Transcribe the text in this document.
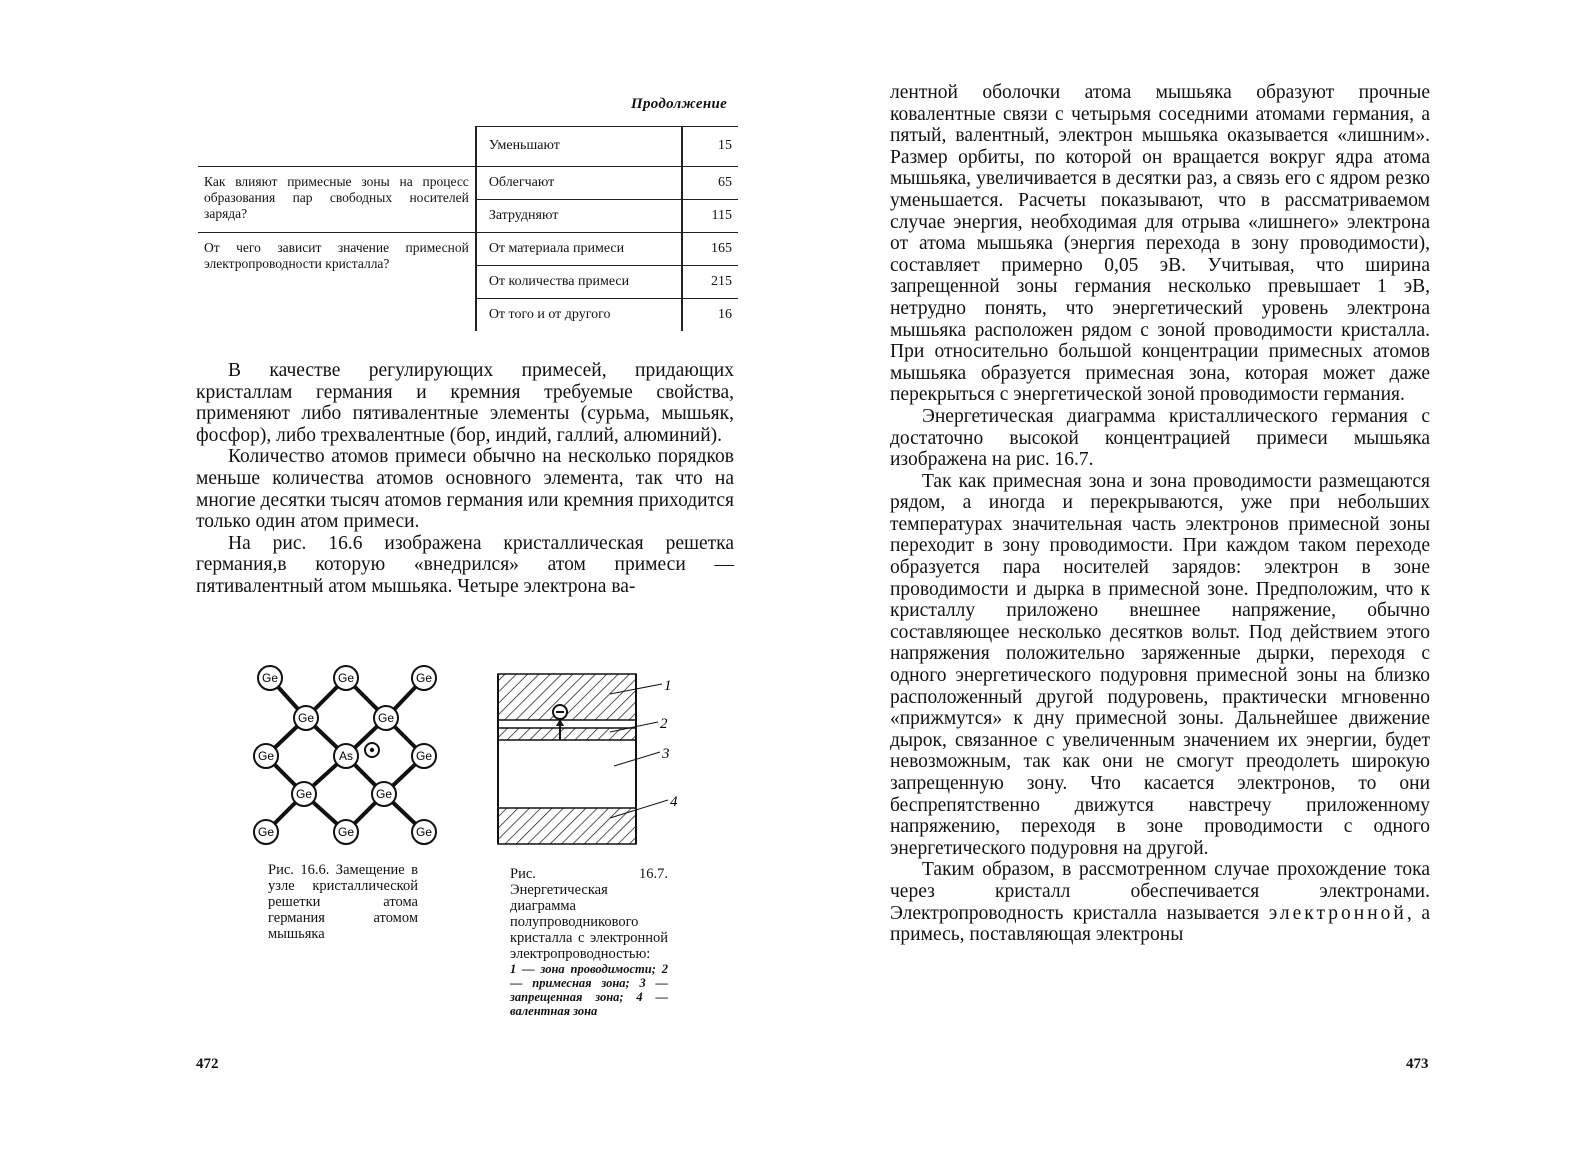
Продолжение
	Уменьшают	15
Как влияют примесные зоны на процесс образования пар свободных носителей заряда?	Облегчают	65
	Затрудняют	115
От чего зависит значение примесной электропроводности кристалла?	От материала примеси	165
	От количества примеси	215
	От того и от другого	16

В качестве регулирующих примесей, придающих кристаллам германия и кремния требуемые свойства, применяют либо пятивалентные элементы (сурьма, мышьяк, фосфор), либо трехвалентные (бор, индий, галлий, алюминий).

Количество атомов примеси обычно на несколько порядков меньше количества атомов основного элемента, так что на многие десятки тысяч атомов германия или кремния приходится только один атом примеси.

На рис. 16.6 изображена кристаллическая решетка германия,в которую «внедрился» атом примеси — пятивалентный атом мышьяка. Четыре электрона ва-

Ge	Ge	Ge
Ge	Ge
Ge	As	Ge
Ge	Ge
Ge	Ge	Ge
Рис. 16.6. Замещение в узле кристаллической решетки атома германия атомом мышьяка
1
2
3
4
Рис. 16.7. Энергетическая диаграмма полупроводникового кристалла с электронной электропроводностью:
1 — зона проводимости; 2 — примесная зона; 3 — запрещенная зона; 4 — валентная зона
472

лентной оболочки атома мышьяка образуют прочные ковалентные связи с четырьмя соседними атомами германия, а пятый, валентный, электрон мышьяка оказывается «лишним». Размер орбиты, по которой он вращается вокруг ядра атома мышьяка, увеличивается в десятки раз, а связь его с ядром резко уменьшается. Расчеты показывают, что в рассматриваемом случае энергия, необходимая для отрыва «лишнего» электрона от атома мышьяка (энергия перехода в зону проводимости), составляет примерно 0,05 эВ. Учитывая, что ширина запрещенной зоны германия несколько превышает 1 эВ, нетрудно понять, что энергетический уровень электрона мышьяка расположен рядом с зоной проводимости кристалла. При относительно большой концентрации примесных атомов мышьяка образуется примесная зона, которая может даже перекрыться с энергетической зоной проводимости германия.

Энергетическая диаграмма кристаллического германия с достаточно высокой концентрацией примеси мышьяка изображена на рис. 16.7.

Так как примесная зона и зона проводимости размещаются рядом, а иногда и перекрываются, уже при небольших температурах значительная часть электронов примесной зоны переходит в зону проводимости. При каждом таком переходе образуется пара носителей зарядов: электрон в зоне проводимости и дырка в примесной зоне. Предположим, что к кристаллу приложено внешнее напряжение, обычно составляющее несколько десятков вольт. Под действием этого напряжения положительно заряженные дырки, переходя с одного энергетического подуровня примесной зоны на близко расположенный другой подуровень, практически мгновенно «прижмутся» к дну примесной зоны. Дальнейшее движение дырок, связанное с увеличенным значением их энергии, будет невозможным, так как они не смогут преодолеть широкую запрещенную зону. Что касается электронов, то они беспрепятственно движутся навстречу приложенному напряжению, переходя в зоне проводимости с одного энергетического подуровня на другой.

Таким образом, в рассмотренном случае прохождение тока через кристалл обеспечивается электронами. Электропроводность кристалла называется электронной, а примесь, поставляющая электроны

473
